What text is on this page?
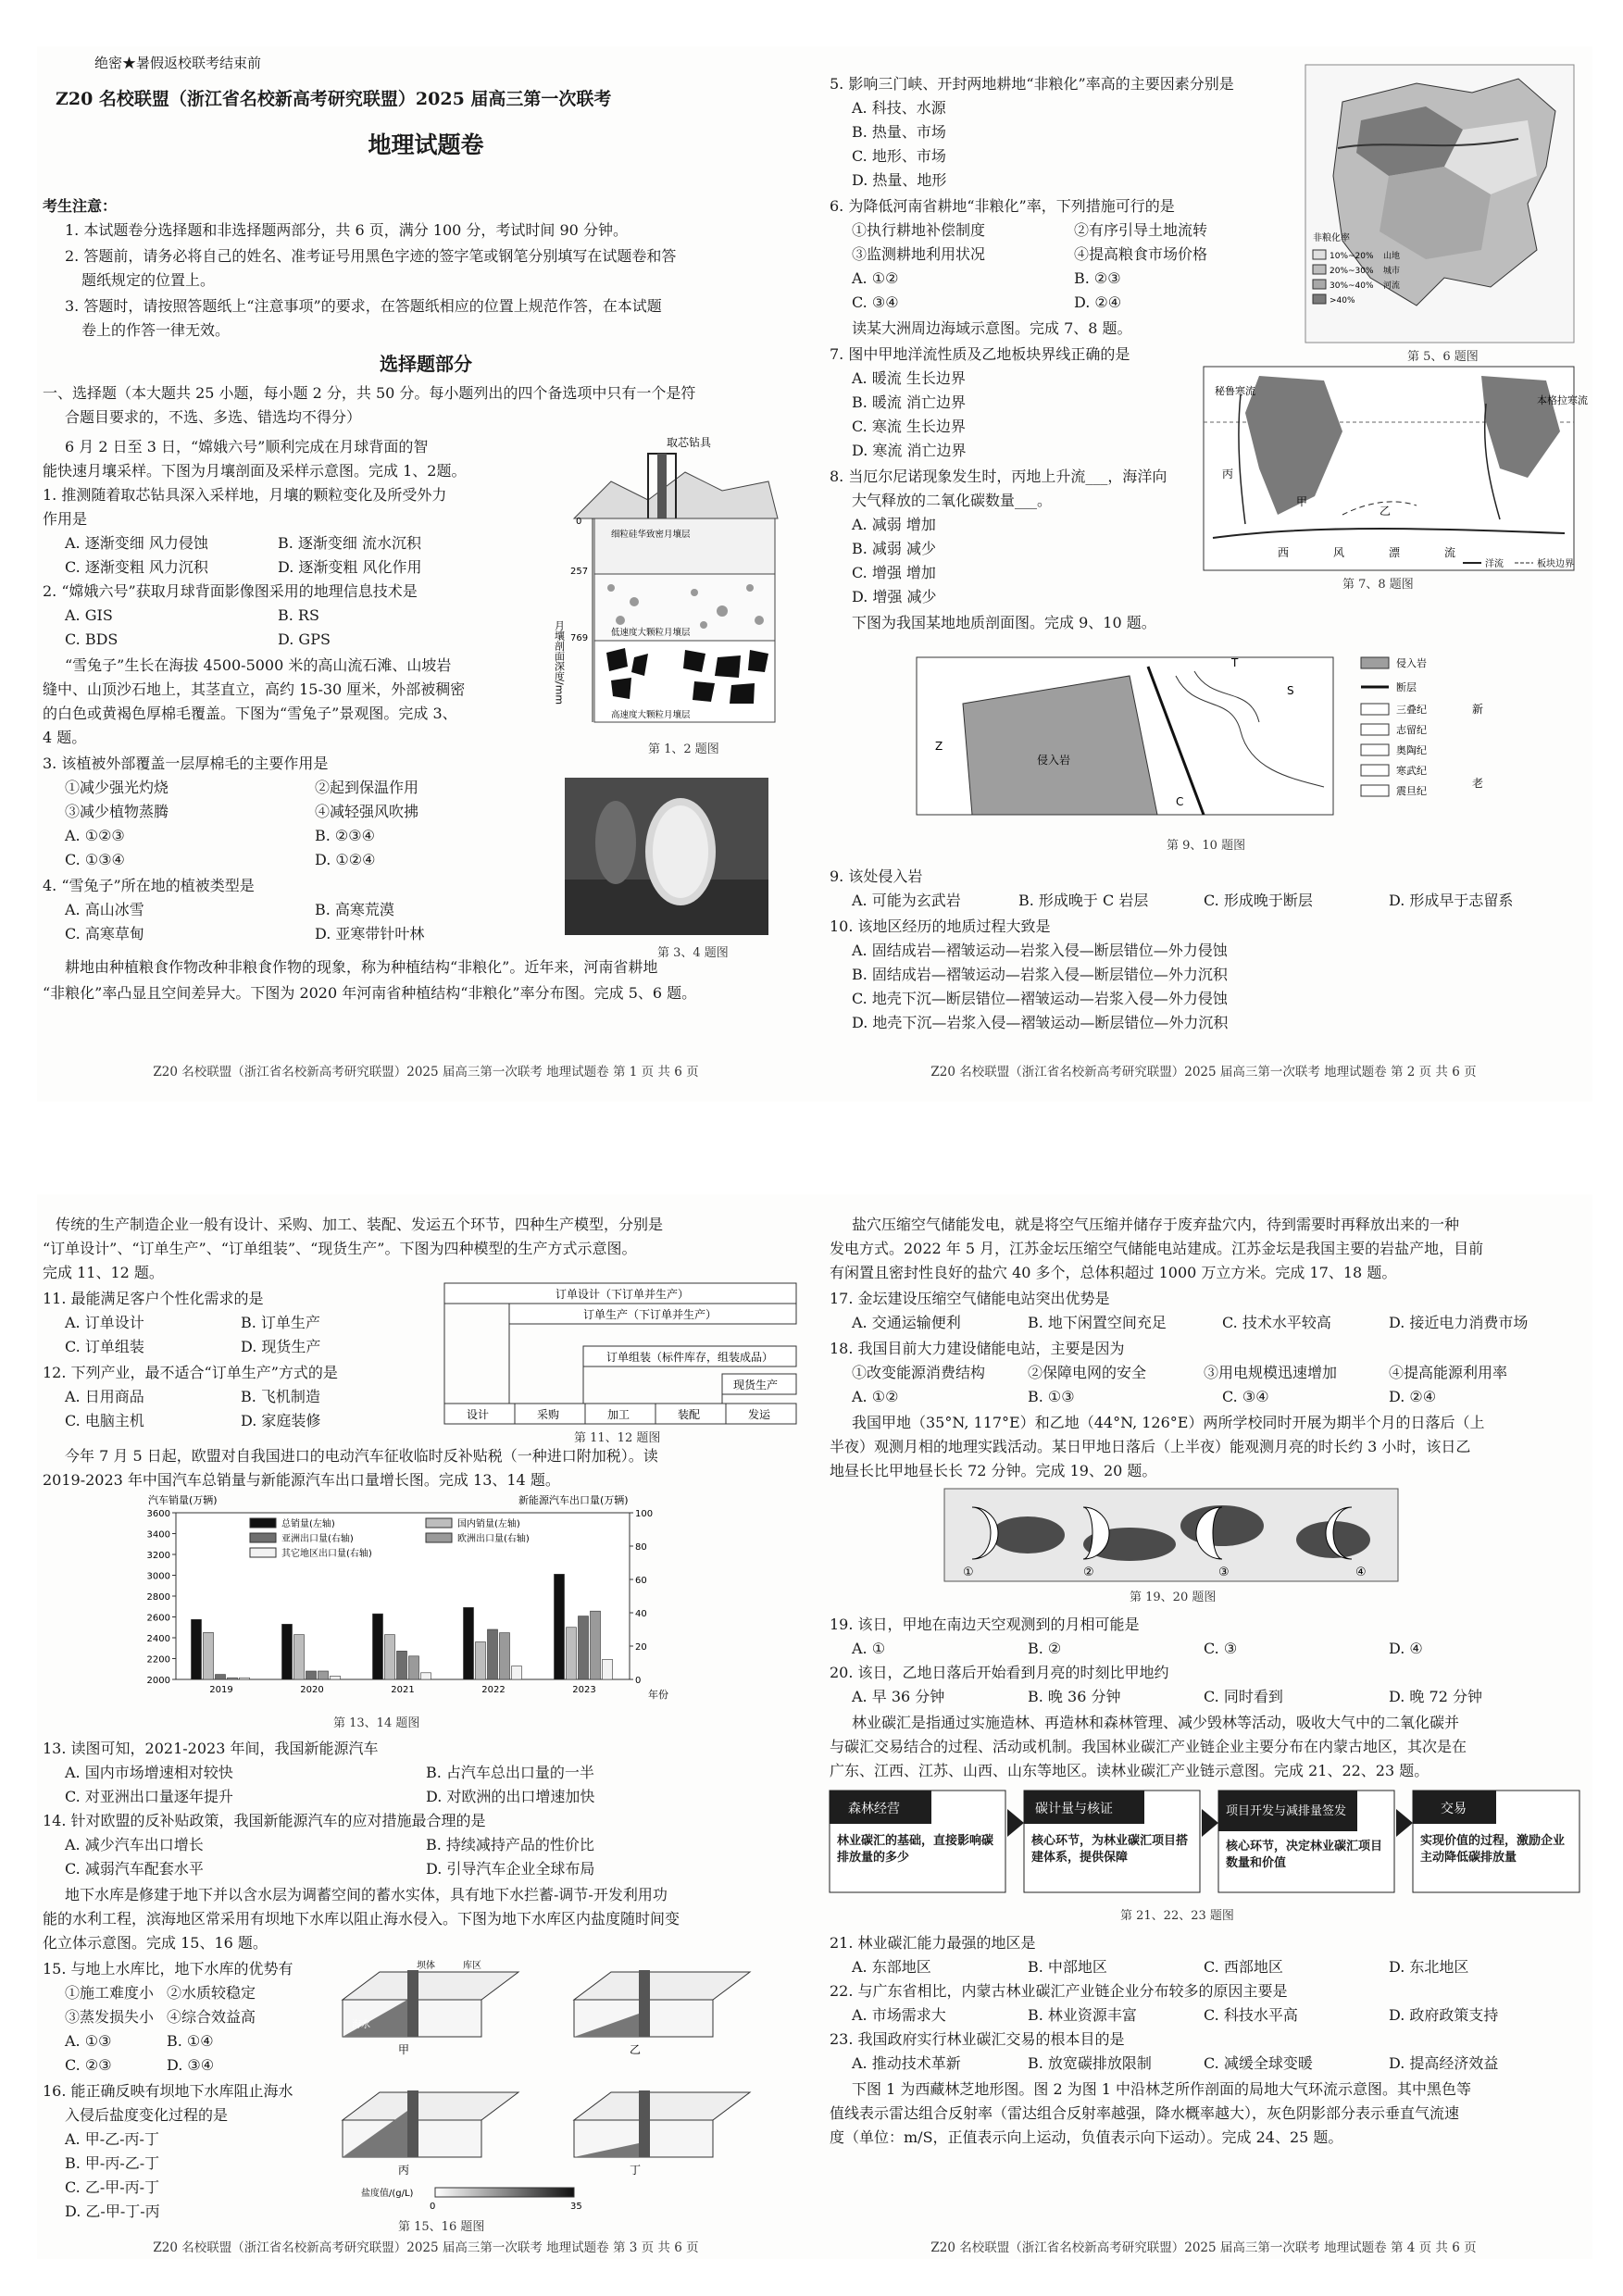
绝密★暑假返校联考结束前
Z20 名校联盟（浙江省名校新高考研究联盟）2025 届高三第一次联考
地理试题卷
考生注意：
1. 本试题卷分选择题和非选择题两部分，共 6 页，满分 100 分，考试时间 90 分钟。
2. 答题前，请务必将自己的姓名、准考证号用黑色字迹的签字笔或钢笔分别填写在试题卷和答
题纸规定的位置上。
3. 答题时，请按照答题纸上“注意事项”的要求，在答题纸相应的位置上规范作答，在本试题
卷上的作答一律无效。
选择题部分
一、选择题（本大题共 25 小题，每小题 2 分，共 50 分。每小题列出的四个备选项中只有一个是符
合题目要求的，不选、多选、错选均不得分）
6 月 2 日至 3 日，“嫦娥六号”顺利完成在月球背面的智
能快速月壤采样。下图为月壤剖面及采样示意图。完成 1、2题。
1. 推测随着取芯钻具深入采样地，月壤的颗粒变化及所受外力
作用是
A. 逐渐变细 风力侵蚀	B. 逐渐变细 流水沉积
C. 逐渐变粗 风力沉积	D. 逐渐变粗 风化作用
2. “嫦娥六号”获取月球背面影像图采用的地理信息技术是
A. GIS	B. RS
C. BDS	D. GPS
“雪兔子”生长在海拔 4500-5000 米的高山流石滩、山坡岩
缝中、山顶沙石地上，其茎直立，高约 15-30 厘米，外部被稠密
的白色或黄褐色厚棉毛覆盖。下图为“雪兔子”景观图。完成 3、
4 题。
3. 该植被外部覆盖一层厚棉毛的主要作用是
①减少强光灼烧	②起到保温作用
③减少植物蒸腾	④减轻强风吹拂
A. ①②③	B. ②③④
C. ①③④	D. ①②④
4. “雪兔子”所在地的植被类型是
A. 高山冰雪	B. 高寒荒漠
C. 高寒草甸	D. 亚寒带针叶林
耕地由种植粮食作物改种非粮食作物的现象，称为种植结构“非粮化”。近年来，河南省耕地
“非粮化”率凸显且空间差异大。下图为 2020 年河南省种植结构“非粮化”率分布图。完成 5、6 题。
取芯钻具
0
257
769
细粒硅华致密月壤层
低速度大颗粒月壤层
高速度大颗粒月壤层
月壤剖面深度/mm
第 1、2 题图
第 3、4 题图
Z20 名校联盟（浙江省名校新高考研究联盟）2025 届高三第一次联考 地理试题卷 第 1 页 共 6 页
5. 影响三门峡、开封两地耕地“非粮化”率高的主要因素分别是
A. 科技、水源
B. 热量、市场
C. 地形、市场
D. 热量、地形
6. 为降低河南省耕地“非粮化”率，下列措施可行的是
①执行耕地补偿制度	②有序引导土地流转
③监测耕地利用状况	④提高粮食市场价格
A. ①②	B. ②③
C. ③④	D. ②④
读某大洲周边海域示意图。完成 7、8 题。
7. 图中甲地洋流性质及乙地板块界线正确的是
A. 暖流 生长边界
B. 暖流 消亡边界
C. 寒流 生长边界
D. 寒流 消亡边界
8. 当厄尔尼诺现象发生时，丙地上升流___，海洋向
大气释放的二氧化碳数量___。
A. 减弱 增加
B. 减弱 减少
C. 增强 增加
D. 增强 减少
下图为我国某地地质剖面图。完成 9、10 题。
非粮化率
10%~20%
20%~30%
30%~40%
>40%
山地
城市
河流
第 5、6 题图
秘鲁寒流
本格拉寒流
甲
乙
丙
西	风	漂	流
洋流	板块边界
第 7、8 题图
侵入岩
Z
S
T
C
侵入岩
断层
三叠纪
志留纪
奥陶纪
寒武纪
震旦纪
新
老
第 9、10 题图
9. 该处侵入岩
A. 可能为玄武岩	B. 形成晚于 C 岩层	C. 形成晚于断层	D. 形成早于志留系
10. 该地区经历的地质过程大致是
A. 固结成岩—褶皱运动—岩浆入侵—断层错位—外力侵蚀
B. 固结成岩—褶皱运动—岩浆入侵—断层错位—外力沉积
C. 地壳下沉—断层错位—褶皱运动—岩浆入侵—外力侵蚀
D. 地壳下沉—岩浆入侵—褶皱运动—断层错位—外力沉积
Z20 名校联盟（浙江省名校新高考研究联盟）2025 届高三第一次联考 地理试题卷 第 2 页 共 6 页
传统的生产制造企业一般有设计、采购、加工、装配、发运五个环节，四种生产模型，分别是
“订单设计”、“订单生产”、“订单组装”、“现货生产”。下图为四种模型的生产方式示意图。
完成 11、12 题。
11. 最能满足客户个性化需求的是
A. 订单设计	B. 订单生产
C. 订单组装	D. 现货生产
12. 下列产业，最不适合“订单生产”方式的是
A. 日用商品	B. 飞机制造
C. 电脑主机	D. 家庭装修
订单设计（下订单并生产）
订单生产（下订单并生产）
订单组装（标件库存，组装成品）
现货生产
设计	采购	加工	装配	发运
第 11、12 题图
今年 7 月 5 日起，欧盟对自我国进口的电动汽车征收临时反补贴税（一种进口附加税）。读
2019-2023 年中国汽车总销量与新能源汽车出口量增长图。完成 13、14 题。
汽车销量(万辆)	新能源汽车出口量(万辆)
年份
3600
3400
3200
3000
2800
2600
2400
2200
2000
100
80
60
40
20
0
2019	2020	2021	2022	2023
总销量(左轴)	国内销量(左轴)
亚洲出口量(右轴)	欧洲出口量(右轴)
其它地区出口量(右轴)
第 13、14 题图
13. 读图可知，2021-2023 年间，我国新能源汽车
A. 国内市场增速相对较快	B. 占汽车总出口量的一半
C. 对亚洲出口量逐年提升	D. 对欧洲的出口增速加快
14. 针对欧盟的反补贴政策，我国新能源汽车的应对措施最合理的是
A. 减少汽车出口增长	B. 持续减持产品的性价比
C. 减弱汽车配套水平	D. 引导汽车企业全球布局
地下水库是修建于地下并以含水层为调蓄空间的蓄水实体，具有地下水拦蓄-调节-开发利用功
能的水利工程，滨海地区常采用有坝地下水库以阻止海水侵入。下图为地下水库区内盐度随时间变
化立体示意图。完成 15、16 题。
15. 与地上水库比，地下水库的优势有
①施工难度小 ②水质较稳定
③蒸发损失小 ④综合效益高
A. ①③	B. ①④
C. ②③	D. ③④
16. 能正确反映有坝地下水库阻止海水
入侵后盐度变化过程的是
A. 甲-乙-丙-丁
B. 甲-丙-乙-丁
C. 乙-甲-丙-丁
D. 乙-甲-丁-丙
坝体	库区
海水
甲	乙
丙	丁
盐度值/(g/L)
0	35
第 15、16 题图
Z20 名校联盟（浙江省名校新高考研究联盟）2025 届高三第一次联考 地理试题卷 第 3 页 共 6 页
盐穴压缩空气储能发电，就是将空气压缩并储存于废弃盐穴内，待到需要时再释放出来的一种
发电方式。2022 年 5 月，江苏金坛压缩空气储能电站建成。江苏金坛是我国主要的岩盐产地，目前
有闲置且密封性良好的盐穴 40 多个，总体积超过 1000 万立方米。完成 17、18 题。
17. 金坛建设压缩空气储能电站突出优势是
A. 交通运输便利	B. 地下闲置空间充足	C. 技术水平较高	D. 接近电力消费市场
18. 我国目前大力建设储能电站，主要是因为
①改变能源消费结构	②保障电网的安全	③用电规模迅速增加	④提高能源利用率
A. ①②	B. ①③	C. ③④	D. ②④
我国甲地（35°N, 117°E）和乙地（44°N, 126°E）两所学校同时开展为期半个月的日落后（上
半夜）观测月相的地理实践活动。某日甲地日落后（上半夜）能观测月亮的时长约 3 小时，该日乙
地昼长比甲地昼长长 72 分钟。完成 19、20 题。
①	②	③	④
第 19、20 题图
19. 该日，甲地在南边天空观测到的月相可能是
A. ①	B. ②	C. ③	D. ④
20. 该日，乙地日落后开始看到月亮的时刻比甲地约
A. 早 36 分钟	B. 晚 36 分钟	C. 同时看到	D. 晚 72 分钟
林业碳汇是指通过实施造林、再造林和森林管理、减少毁林等活动，吸收大气中的二氧化碳并
与碳汇交易结合的过程、活动或机制。我国林业碳汇产业链企业主要分布在内蒙古地区，其次是在
广东、江西、江苏、山西、山东等地区。读林业碳汇产业链示意图。完成 21、22、23 题。
森林经营	碳计量与核证	项目开发与减排量签发	交易
林业碳汇的基础，直接影响碳排放量的多少
核心环节，为林业碳汇项目搭建体系，提供保障
核心环节，决定林业碳汇项目数量和价值
实现价值的过程，激励企业主动降低碳排放量
第 21、22、23 题图
21. 林业碳汇能力最强的地区是
A. 东部地区	B. 中部地区	C. 西部地区	D. 东北地区
22. 与广东省相比，内蒙古林业碳汇产业链企业分布较多的原因主要是
A. 市场需求大	B. 林业资源丰富	C. 科技水平高	D. 政府政策支持
23. 我国政府实行林业碳汇交易的根本目的是
A. 推动技术革新	B. 放宽碳排放限制	C. 减缓全球变暖	D. 提高经济效益
下图 1 为西藏林芝地形图。图 2 为图 1 中沿林芝所作剖面的局地大气环流示意图。其中黑色等
值线表示雷达组合反射率（雷达组合反射率越强，降水概率越大），灰色阴影部分表示垂直气流速
度（单位：m/S，正值表示向上运动，负值表示向下运动）。完成 24、25 题。
Z20 名校联盟（浙江省名校新高考研究联盟）2025 届高三第一次联考 地理试题卷 第 4 页 共 6 页
